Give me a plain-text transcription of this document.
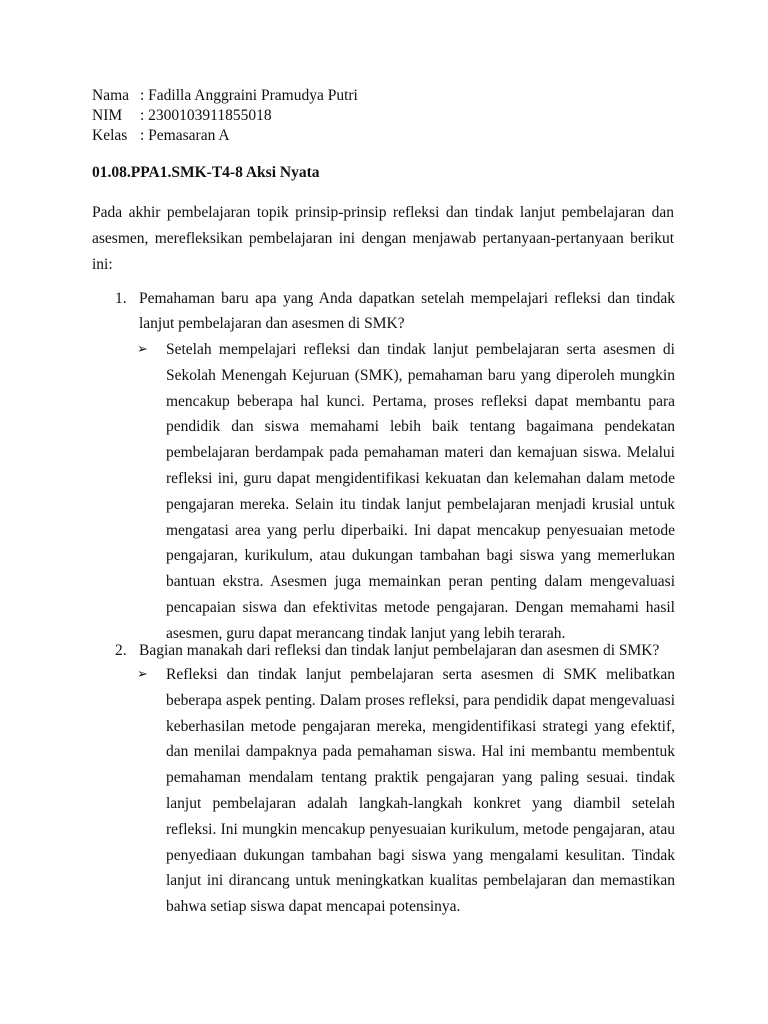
Nama : Fadilla Anggraini Pramudya Putri
NIM	: 2300103911855018
Kelas : Pemasaran A
01.08.PPA1.SMK-T4-8 Aksi Nyata
Pada akhir pembelajaran topik prinsip-prinsip refleksi dan tindak lanjut pembelajaran dan asesmen, merefleksikan pembelajaran ini dengan menjawab pertanyaan-pertanyaan berikut ini:
1. Pemahaman baru apa yang Anda dapatkan setelah mempelajari refleksi dan tindak lanjut pembelajaran dan asesmen di SMK?
➢ Setelah mempelajari refleksi dan tindak lanjut pembelajaran serta asesmen di Sekolah Menengah Kejuruan (SMK), pemahaman baru yang diperoleh mungkin mencakup beberapa hal kunci. Pertama, proses refleksi dapat membantu para pendidik dan siswa memahami lebih baik tentang bagaimana pendekatan pembelajaran berdampak pada pemahaman materi dan kemajuan siswa. Melalui refleksi ini, guru dapat mengidentifikasi kekuatan dan kelemahan dalam metode pengajaran mereka. Selain itu tindak lanjut pembelajaran menjadi krusial untuk mengatasi area yang perlu diperbaiki. Ini dapat mencakup penyesuaian metode pengajaran, kurikulum, atau dukungan tambahan bagi siswa yang memerlukan bantuan ekstra. Asesmen juga memainkan peran penting dalam mengevaluasi pencapaian siswa dan efektivitas metode pengajaran. Dengan memahami hasil asesmen, guru dapat merancang tindak lanjut yang lebih terarah.
2. Bagian manakah dari refleksi dan tindak lanjut pembelajaran dan asesmen di SMK?
➢ Refleksi dan tindak lanjut pembelajaran serta asesmen di SMK melibatkan beberapa aspek penting. Dalam proses refleksi, para pendidik dapat mengevaluasi keberhasilan metode pengajaran mereka, mengidentifikasi strategi yang efektif, dan menilai dampaknya pada pemahaman siswa. Hal ini membantu membentuk pemahaman mendalam tentang praktik pengajaran yang paling sesuai. tindak lanjut pembelajaran adalah langkah-langkah konkret yang diambil setelah refleksi. Ini mungkin mencakup penyesuaian kurikulum, metode pengajaran, atau penyediaan dukungan tambahan bagi siswa yang mengalami kesulitan. Tindak lanjut ini dirancang untuk meningkatkan kualitas pembelajaran dan memastikan bahwa setiap siswa dapat mencapai potensinya.
